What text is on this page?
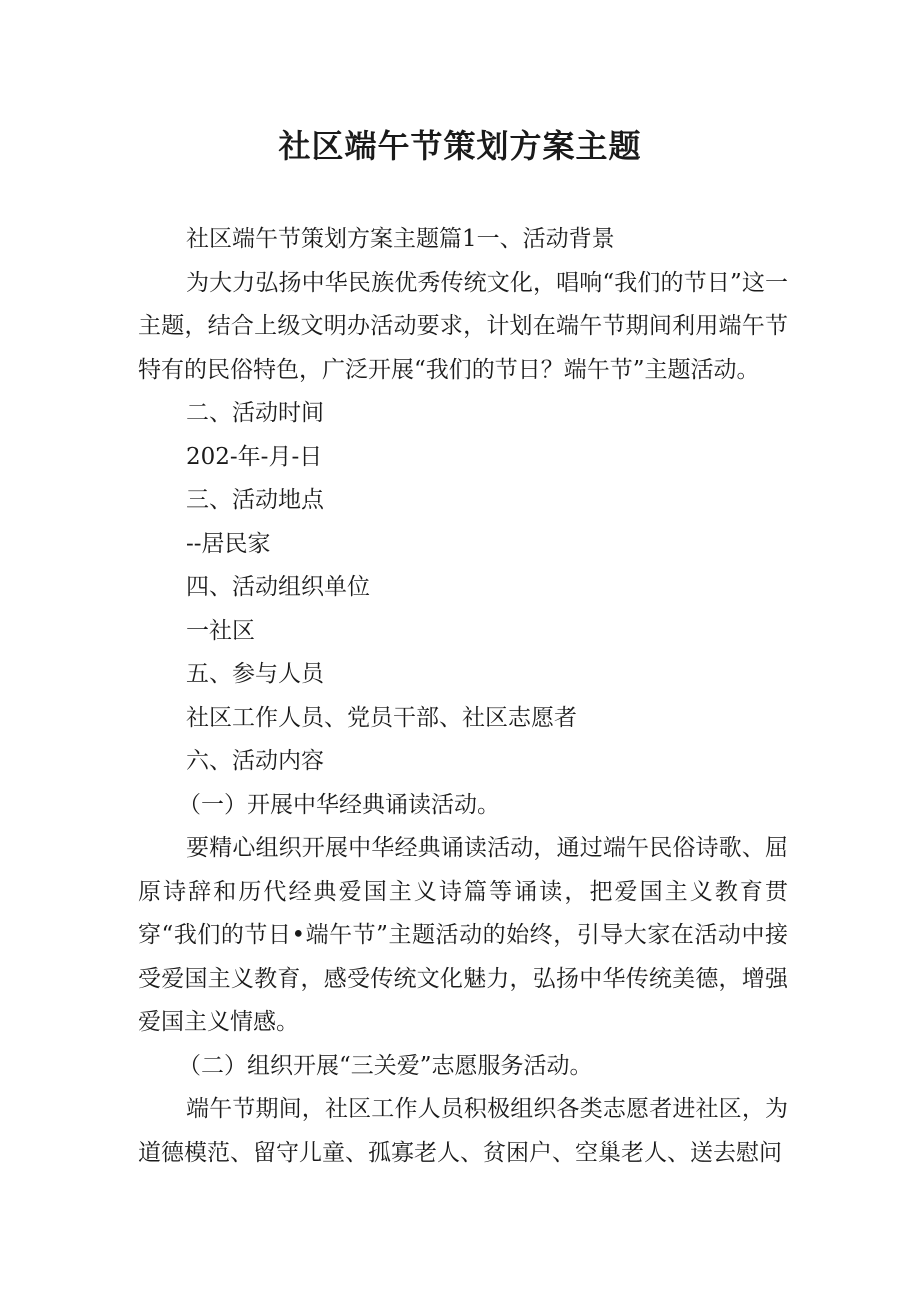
社区端午节策划方案主题

社区端午节策划方案主题篇1一、活动背景

为大力弘扬中华民族优秀传统文化，唱响“我们的节日”这一主题，结合上级文明办活动要求，计划在端午节期间利用端午节特有的民俗特色，广泛开展“我们的节日？端午节”主题活动。

二、活动时间

202-年-月-日

三、活动地点

--居民家

四、活动组织单位

一社区

五、参与人员

社区工作人员、党员干部、社区志愿者

六、活动内容

（一）开展中华经典诵读活动。

要精心组织开展中华经典诵读活动，通过端午民俗诗歌、屈原诗辞和历代经典爱国主义诗篇等诵读，把爱国主义教育贯穿“我们的节日•端午节”主题活动的始终，引导大家在活动中接受爱国主义教育，感受传统文化魅力，弘扬中华传统美德，增强爱国主义情感。

（二）组织开展“三关爱”志愿服务活动。

端午节期间，社区工作人员积极组织各类志愿者进社区，为道德模范、留守儿童、孤寡老人、贫困户、空巢老人、送去慰问
